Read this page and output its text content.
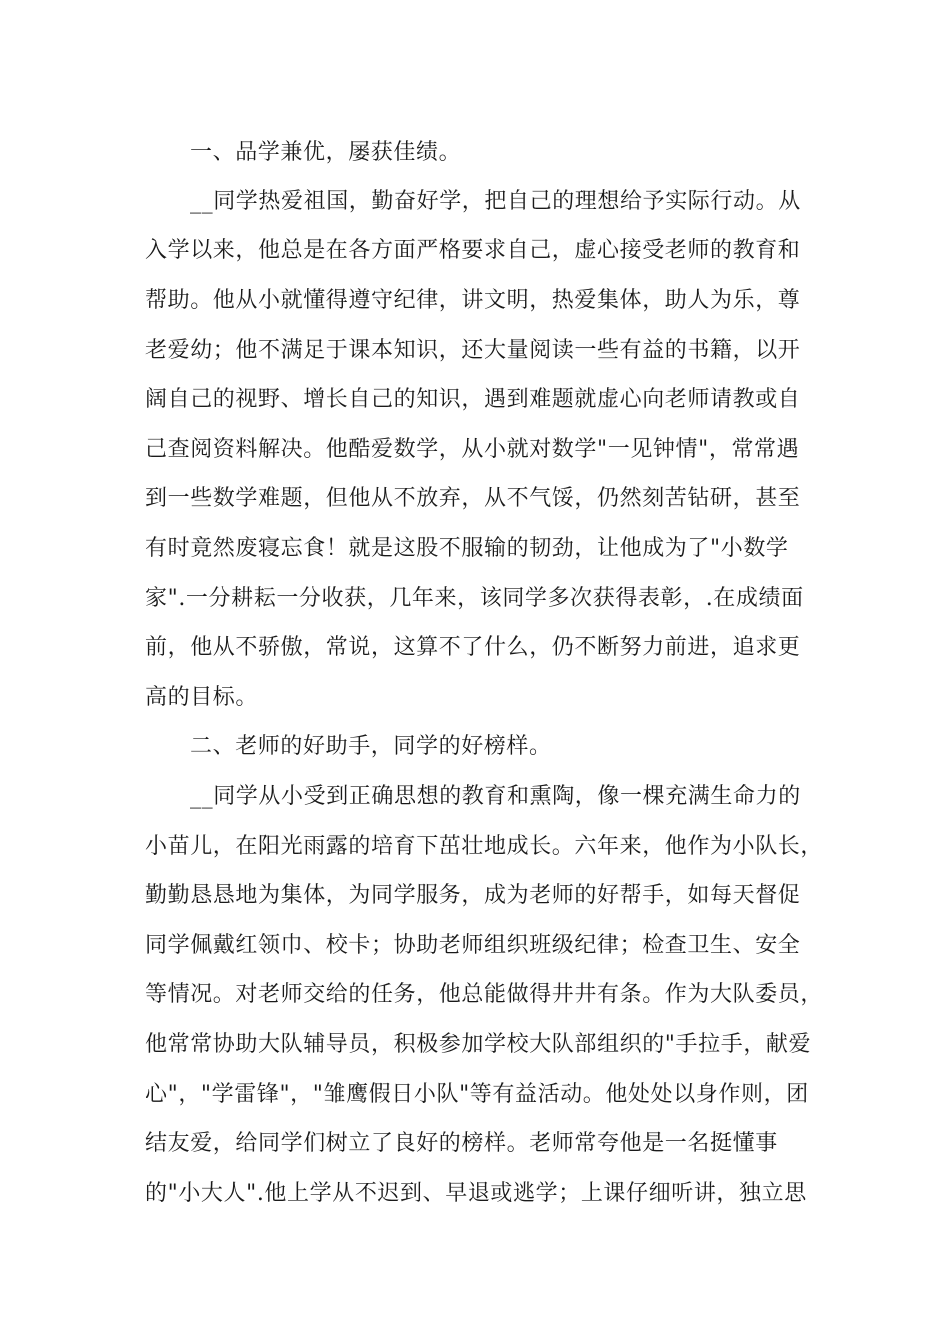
一、品学兼优，屡获佳绩。
__同学热爱祖国，勤奋好学，把自己的理想给予实际行动。从
入学以来，他总是在各方面严格要求自己，虚心接受老师的教育和
帮助。他从小就懂得遵守纪律，讲文明，热爱集体，助人为乐，尊
老爱幼；他不满足于课本知识，还大量阅读一些有益的书籍，以开
阔自己的视野、增长自己的知识，遇到难题就虚心向老师请教或自
己查阅资料解决。他酷爱数学，从小就对数学"一见钟情"，常常遇
到一些数学难题，但他从不放弃，从不气馁，仍然刻苦钻研，甚至
有时竟然废寝忘食！就是这股不服输的韧劲，让他成为了"小数学
家".一分耕耘一分收获，几年来，该同学多次获得表彰，.在成绩面
前，他从不骄傲，常说，这算不了什么，仍不断努力前进，追求更
高的目标。
二、老师的好助手，同学的好榜样。
__同学从小受到正确思想的教育和熏陶，像一棵充满生命力的
小苗儿，在阳光雨露的培育下茁壮地成长。六年来，他作为小队长，
勤勤恳恳地为集体，为同学服务，成为老师的好帮手，如每天督促
同学佩戴红领巾、校卡；协助老师组织班级纪律；检查卫生、安全
等情况。对老师交给的任务，他总能做得井井有条。作为大队委员，
他常常协助大队辅导员，积极参加学校大队部组织的"手拉手，献爱
心"，"学雷锋"，"雏鹰假日小队"等有益活动。他处处以身作则，团
结友爱，给同学们树立了良好的榜样。老师常夸他是一名挺懂事
的"小大人".他上学从不迟到、早退或逃学；上课仔细听讲，独立思
